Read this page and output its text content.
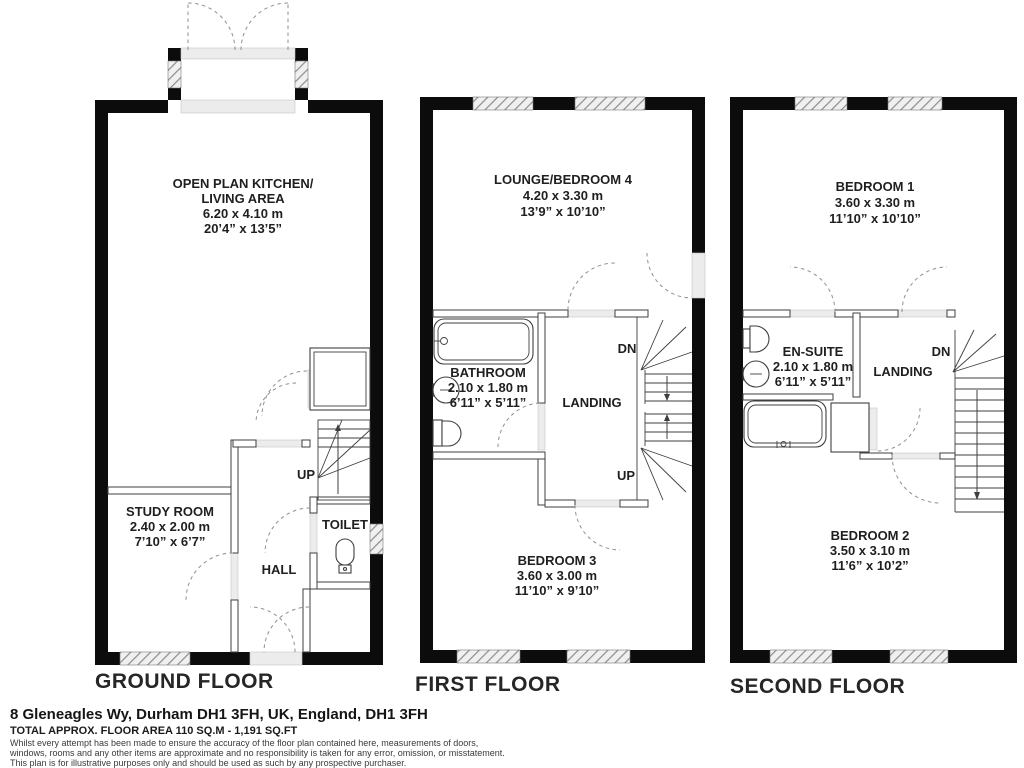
OPEN PLAN KITCHEN/
LIVING AREA
6.20 x 4.10 m
20’4” x 13’5”
STUDY ROOM
2.40 x 2.00 m
7’10” x 6’7”
TOILET
HALL
UP
GROUND FLOOR
LOUNGE/BEDROOM 4
4.20 x 3.30 m
13’9” x 10’10”
BATHROOM
2.10 x 1.80 m
6’11” x 5’11”	LANDING
BEDROOM 3
3.60 x 3.00 m
11’10” x 9’10”
DN
UP
FIRST FLOOR
BEDROOM 1
3.60 x 3.30 m
11’10” x 10’10”
EN-SUITE
2.10 x 1.80 m
6’11” x 5’11”
LANDING
DN
BEDROOM 2
3.50 x 3.10 m
11’6” x 10’2”
SECOND FLOOR
8 Gleneagles Wy, Durham DH1 3FH, UK, England, DH1 3FH
TOTAL APPROX. FLOOR AREA 110 SQ.M - 1,191 SQ.FT
Whilst every attempt has been made to ensure the accuracy of the floor plan contained here, measurements of doors,
windows, rooms and any other items are approximate and no responsibility is taken for any error, omission, or misstatement.
This plan is for illustrative purposes only and should be used as such by any prospective purchaser.
